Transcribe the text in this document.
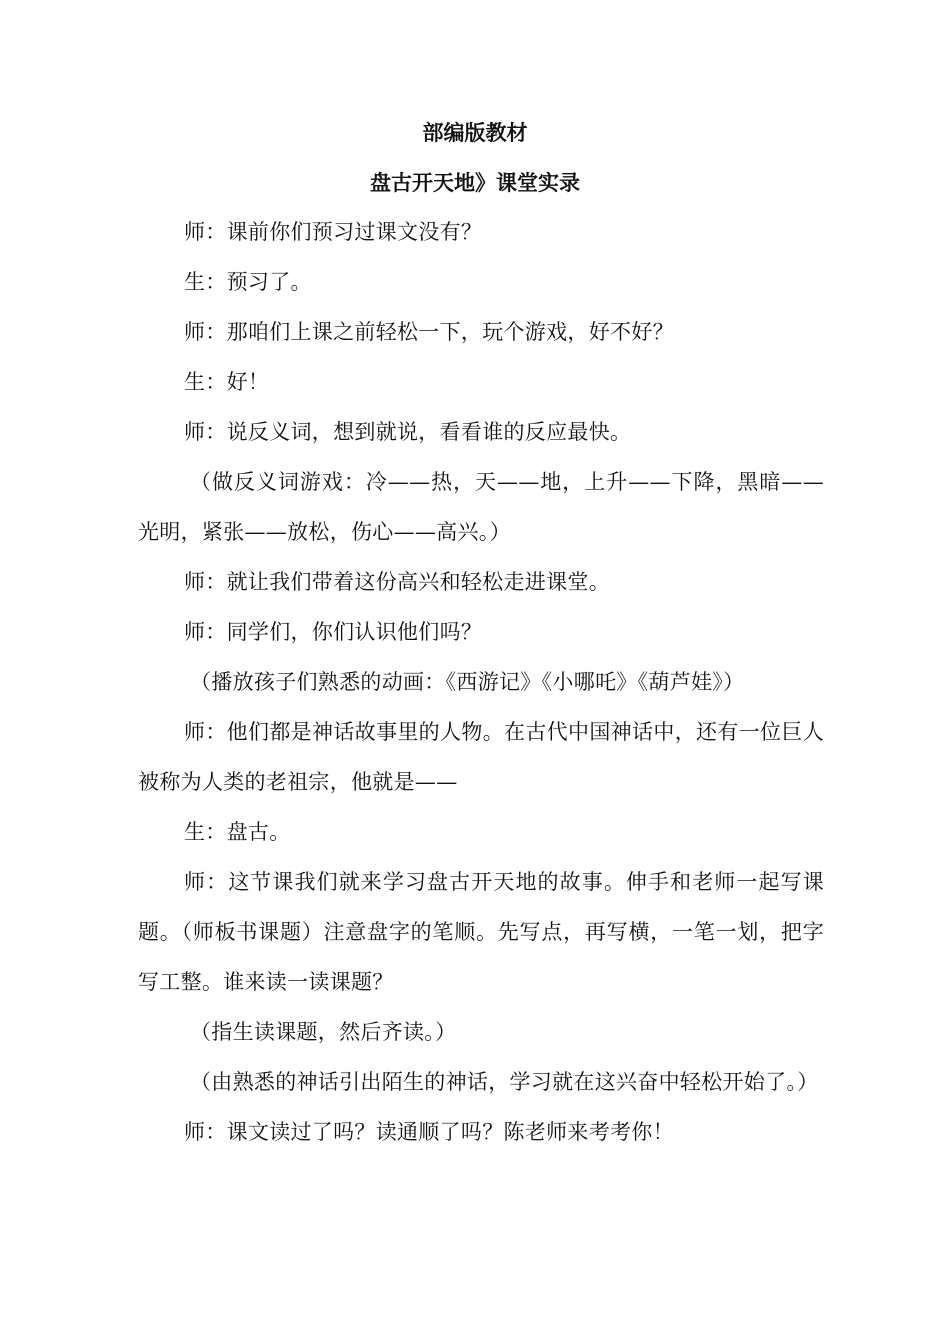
部编版教材
盘古开天地》课堂实录

师：课前你们预习过课文没有？

生：预习了。

师：那咱们上课之前轻松一下，玩个游戏，好不好？

生：好！

师：说反义词，想到就说，看看谁的反应最快。

（做反义词游戏：冷——热，天——地，上升——下降，黑暗——光明，紧张——放松，伤心——高兴。）

师：就让我们带着这份高兴和轻松走进课堂。

师：同学们，你们认识他们吗？

（播放孩子们熟悉的动画：《西游记》《小哪吒》《葫芦娃》）

师：他们都是神话故事里的人物。在古代中国神话中，还有一位巨人被称为人类的老祖宗，他就是——

生：盘古。

师：这节课我们就来学习盘古开天地的故事。伸手和老师一起写课题。（师板书课题）注意盘字的笔顺。先写点，再写横，一笔一划，把字写工整。谁来读一读课题？

（指生读课题，然后齐读。）

（由熟悉的神话引出陌生的神话，学习就在这兴奋中轻松开始了。）

师：课文读过了吗？读通顺了吗？陈老师来考考你！
